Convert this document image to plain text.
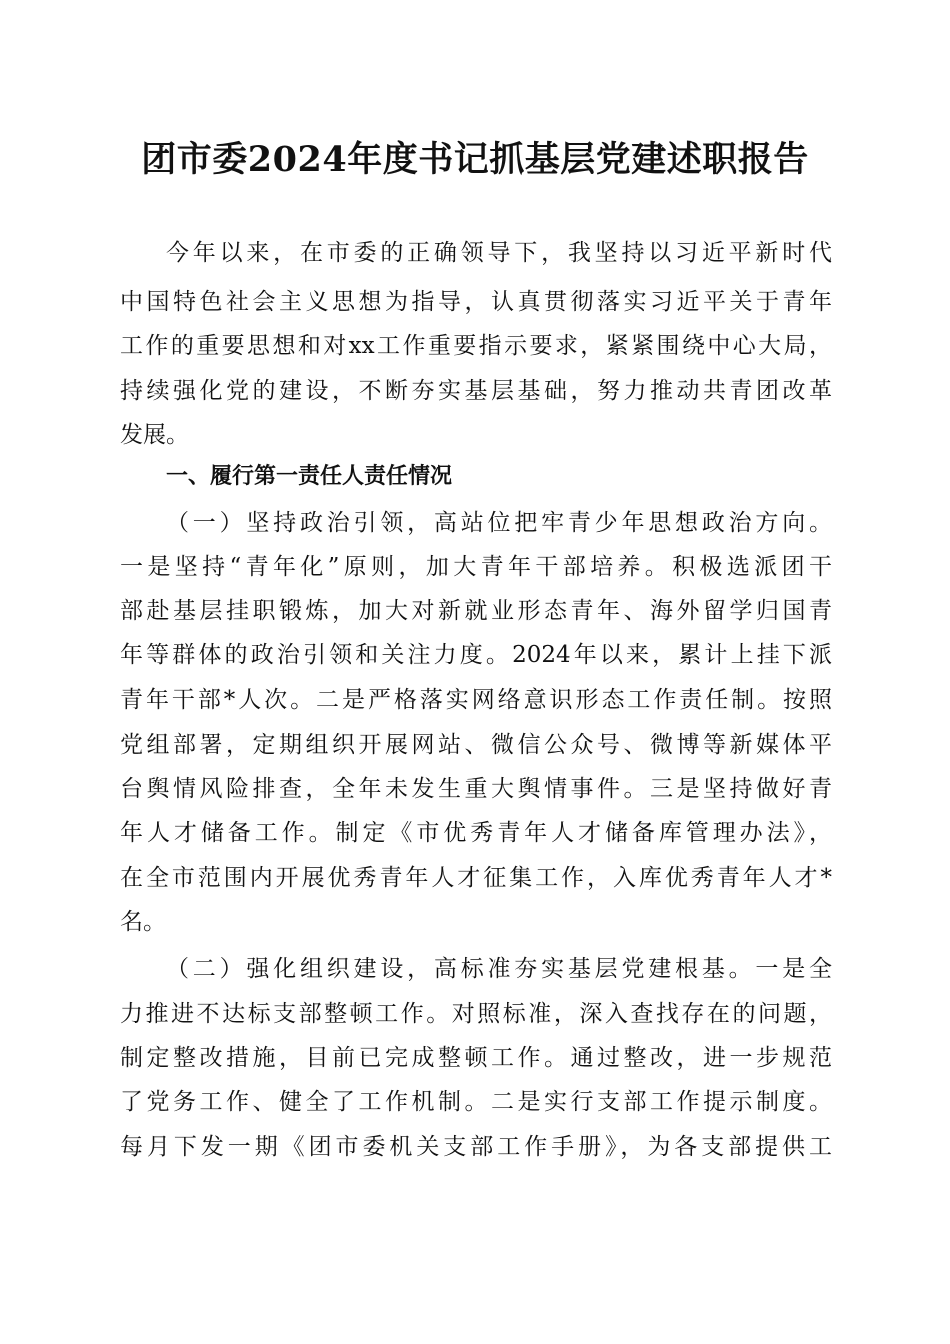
团市委2024年度书记抓基层党建述职报告
今年以来，在市委的正确领导下，我坚持以习近平新时代
中国特色社会主义思想为指导，认真贯彻落实习近平关于青年
工作的重要思想和对xx工作重要指示要求，紧紧围绕中心大局，
持续强化党的建设，不断夯实基层基础，努力推动共青团改革
发展。
一、履行第一责任人责任情况
（一）坚持政治引领，高站位把牢青少年思想政治方向。
一是坚持“青年化”原则，加大青年干部培养。积极选派团干
部赴基层挂职锻炼，加大对新就业形态青年、海外留学归国青
年等群体的政治引领和关注力度。2024年以来，累计上挂下派
青年干部*人次。二是严格落实网络意识形态工作责任制。按照
党组部署，定期组织开展网站、微信公众号、微博等新媒体平
台舆情风险排查，全年未发生重大舆情事件。三是坚持做好青
年人才储备工作。制定《市优秀青年人才储备库管理办法》，
在全市范围内开展优秀青年人才征集工作，入库优秀青年人才*
名。
（二）强化组织建设，高标准夯实基层党建根基。一是全
力推进不达标支部整顿工作。对照标准，深入查找存在的问题，
制定整改措施，目前已完成整顿工作。通过整改，进一步规范
了党务工作、健全了工作机制。二是实行支部工作提示制度。
每月下发一期《团市委机关支部工作手册》，为各支部提供工
